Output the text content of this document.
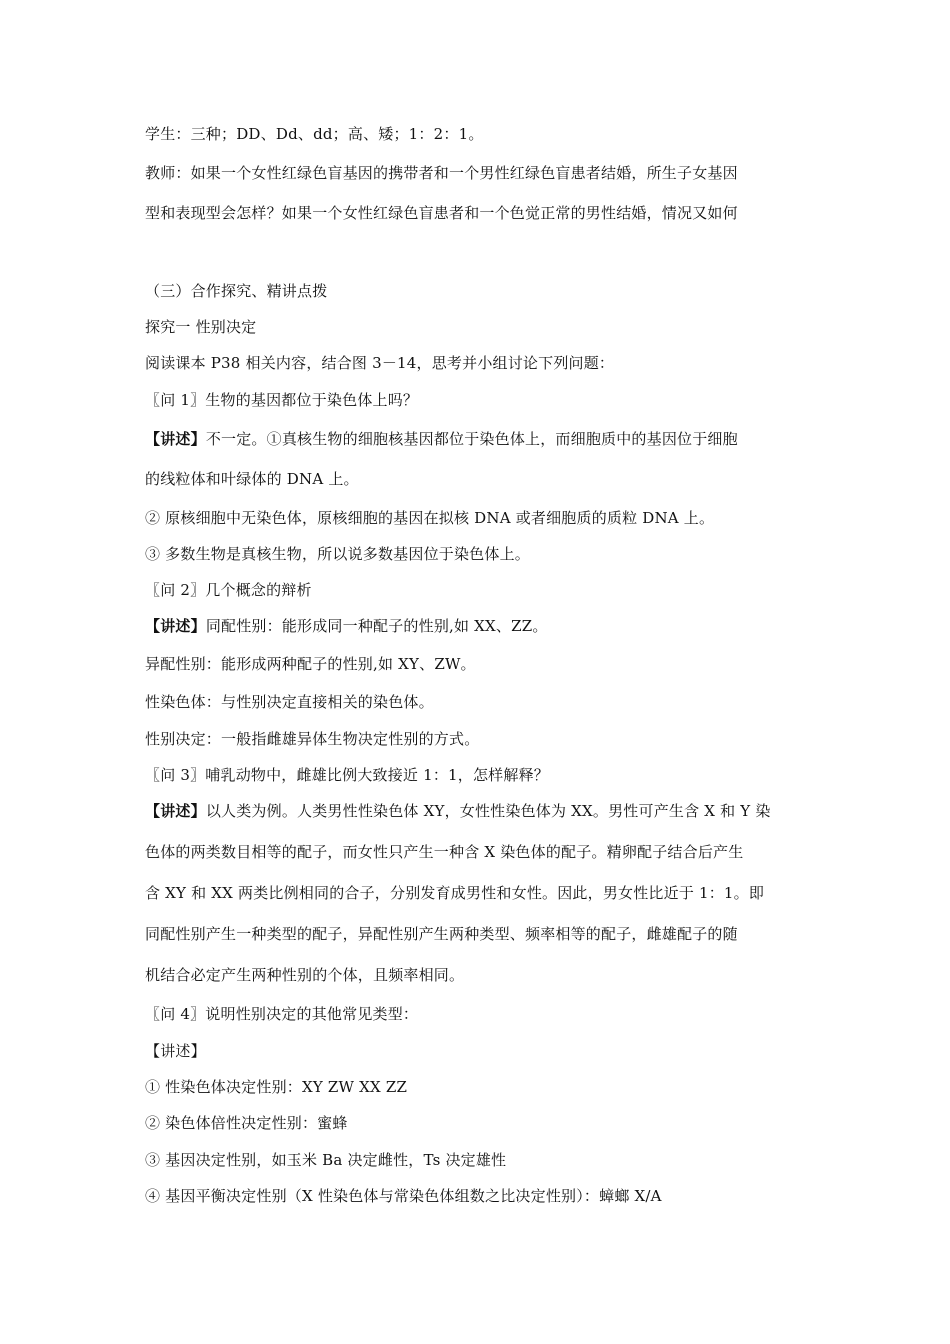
学生：三种；DD、Dd、dd；高、矮；1：2：1。
教师：如果一个女性红绿色盲基因的携带者和一个男性红绿色盲患者结婚，所生子女基因
型和表现型会怎样？如果一个女性红绿色盲患者和一个色觉正常的男性结婚，情况又如何
（三）合作探究、精讲点拨
探究一 性别决定
阅读课本 P38 相关内容，结合图 3－14，思考并小组讨论下列问题：
〖问 1〗生物的基因都位于染色体上吗？
【讲述】不一定。①真核生物的细胞核基因都位于染色体上，而细胞质中的基因位于细胞
的线粒体和叶绿体的 DNA 上。
② 原核细胞中无染色体，原核细胞的基因在拟核 DNA 或者细胞质的质粒 DNA 上。
③ 多数生物是真核生物，所以说多数基因位于染色体上。
〖问 2〗几个概念的辩析
【讲述】同配性别：能形成同一种配子的性别,如 XX、ZZ。
异配性别：能形成两种配子的性别,如 XY、ZW。
性染色体：与性别决定直接相关的染色体。
性别决定：一般指雌雄异体生物决定性别的方式。
〖问 3〗哺乳动物中，雌雄比例大致接近 1：1，怎样解释？
【讲述】以人类为例。人类男性性染色体 XY，女性性染色体为 XX。男性可产生含 X 和 Y 染
色体的两类数目相等的配子，而女性只产生一种含 X 染色体的配子。精卵配子结合后产生
含 XY 和 XX 两类比例相同的合子，分别发育成男性和女性。因此，男女性比近于 1：1。即
同配性别产生一种类型的配子，异配性别产生两种类型、频率相等的配子，雌雄配子的随
机结合必定产生两种性别的个体，且频率相同。
〖问 4〗说明性别决定的其他常见类型：
【讲述】
① 性染色体决定性别：XY ZW XX ZZ
② 染色体倍性决定性别：蜜蜂
③ 基因决定性别，如玉米 Ba 决定雌性，Ts 决定雄性
④ 基因平衡决定性别（X 性染色体与常染色体组数之比决定性别）：蟑螂 X/A
